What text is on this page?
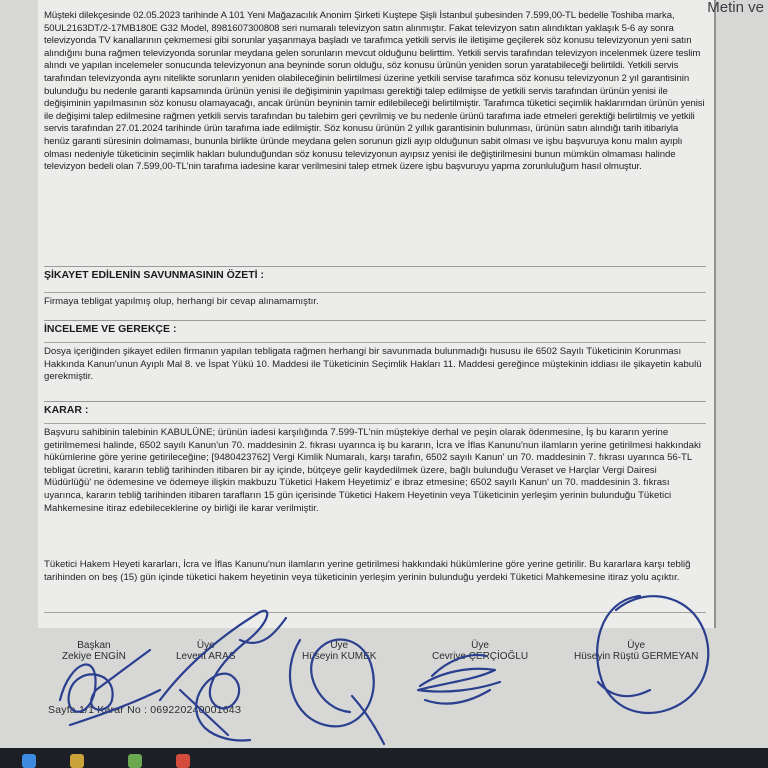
Müşteki dilekçesinde 02.05.2023 tarihinde A 101 Yeni Mağazacılık Anonim Şirketi Kuştepe Şişli İstanbul şubesinden 7.599,00-TL bedelle Toshiba marka, 50UL2163DT/2-17MB180E G32 Model, 8981607300808 seri numaralı televizyon satın alınmıştır. Fakat televizyon satın alındıktan yaklaşık 5-6 ay sonra televizyonda TV kanallarının çekmemesi gibi sorunlar yaşanmaya başladı ve tarafımca yetkili servis ile iletişime geçilerek söz konusu televizyonun yeni satın alındığını buna rağmen televizyonda sorunlar meydana gelen sorunların mevcut olduğunu belirttim. Yetkili servis tarafından televizyon incelenmek üzere teslim alındı ve yapılan incelemeler sonucunda televizyonun ana beyninde sorun olduğu, söz konusu ürünün yeniden sorun yaratabileceği belirtildi. Yetkili servis tarafından televizyonda aynı nitelikte sorunların yeniden olabileceğinin belirtilmesi üzerine yetkili servise tarafımca söz konusu televizyonun 2 yıl garantisinin bulunduğu bu nedenle garanti kapsamında ürünün yenisi ile değişiminin yapılması gerektiği talep edilmişse de yetkili servis tarafından ürünün yenisi ile değişiminin yapılmasının söz konusu olamayacağı, ancak ürünün beyninin tamir edilebileceği belirtilmiştir. Tarafımca tüketici seçimlik haklarımdan ürünün yenisi ile değişimi talep edilmesine rağmen yetkili servis tarafından bu talebim geri çevrilmiş ve bu nedenle ürünü tarafıma iade etmeleri gerektiği belirtilmiş ve yetkili servis tarafından 27.01.2024 tarihinde ürün tarafıma iade edilmiştir. Söz konusu ürünün 2 yıllık garantisinin bulunması, ürünün satın alındığı tarih itibariyla henüz garanti süresinin dolmaması, bununla birlikte üründe meydana gelen sorunun gizli ayıp olduğunun sabit olması ve işbu başvuruya konu malın ayıplı olması nedeniyle tüketicinin seçimlik hakları bulunduğundan söz konusu televizyonun ayıpsız yenisi ile değiştirilmesini bunun mümkün olmaması halinde televizyon bedeli olan 7.599,00-TL'nin tarafıma iadesine karar verilmesini talep etmek üzere işbu başvuruyu yapma zorunluluğum hasıl olmuştur.

ŞİKAYET EDİLENİN SAVUNMASININ ÖZETİ :
Firmaya tebligat yapılmış olup, herhangi bir cevap alınamamıştır.
İNCELEME VE GEREKÇE :
Dosya içeriğinden şikayet edilen firmanın yapılan tebligata rağmen herhangi bir savunmada bulunmadığı hususu ile 6502 Sayılı Tüketicinin Korunması Hakkında Kanun'unun Ayıplı Mal 8. ve İspat Yükü 10. Maddesi ile Tüketicinin Seçimlik Hakları 11. Maddesi gereğince müştekinin iddiası ile şikayetin kabulü gerekmiştir.
KARAR :
Başvuru sahibinin talebinin KABULÜNE; ürünün iadesi karşılığında 7.599-TL'nin müştekiye derhal ve peşin olarak ödenmesine, İş bu kararın yerine getirilmemesi halinde, 6502 sayılı Kanun'un 70. maddesinin 2. fıkrası uyarınca iş bu kararın, İcra ve İflas Kanunu'nun ilamların yerine getirilmesi hakkındaki hükümlerine göre yerine getirileceğine; [9480423762] Vergi Kimlik Numaralı, karşı tarafın, 6502 sayılı Kanun' un 70. maddesinin 7. fıkrası uyarınca 56-TL tebligat ücretini, kararın tebliğ tarihinden itibaren bir ay içinde, bütçeye gelir kaydedilmek üzere, bağlı bulunduğu Veraset ve Harçlar Vergi Dairesi Müdürlüğü' ne ödemesine ve ödemeye ilişkin makbuzu Tüketici Hakem Heyetimiz' e ibraz etmesine; 6502 sayılı Kanun' un 70. maddesinin 3. fıkrası uyarınca, kararın tebliğ tarihinden itibaren tarafların 15 gün içerisinde Tüketici Hakem Heyetinin veya Tüketicinin yerleşim yerinin bulunduğu Tüketici Mahkemesine itiraz edebileceklerine oy birliği ile karar verilmiştir.
Tüketici Hakem Heyeti kararları, İcra ve İflas Kanunu'nun ilamların yerine getirilmesi hakkındaki hükümlerine göre yerine getirilir. Bu kararlara karşı tebliğ tarihinden on beş (15) gün içinde tüketici hakem heyetinin veya tüketicinin yerleşim yerinin bulunduğu yerdeki Tüketici Mahkemesine itiraz yolu açıktır.
Metin ve
Başkan
Zekiye ENGİN
Üye
Levent ARAS
Üye
Hüseyin KUMEK
Üye
Cevriye ÇERÇİOĞLU
Üye
Hüseyin Rüştü GERMEYAN
Sayfa 1/1 Karar No : 06922024000164З
